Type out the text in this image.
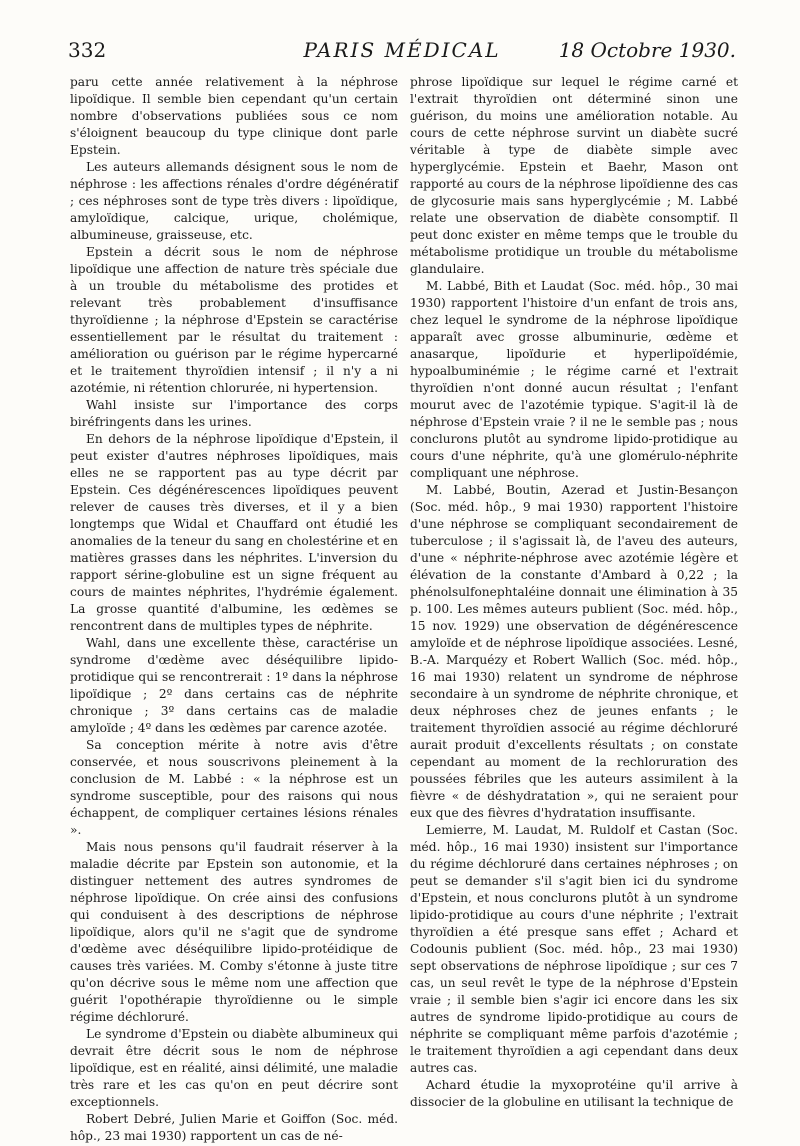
332	PARIS MÉDICAL	18 Octobre 1930.

paru cette année relativement à la néphrose lipoïdique. Il semble bien cependant qu'un certain nombre d'observations publiées sous ce nom s'éloignent beaucoup du type clinique dont parle Epstein.

Les auteurs allemands désignent sous le nom de néphrose : les affections rénales d'ordre dégénératif ; ces néphroses sont de type très divers : lipoïdique, amyloïdique, calcique, urique, cholémique, albumineuse, graisseuse, etc.

Epstein a décrit sous le nom de néphrose lipoïdique une affection de nature très spéciale due à un trouble du métabolisme des protides et relevant très probablement d'insuffisance thyroïdienne ; la néphrose d'Epstein se caractérise essentiellement par le résultat du traitement : amélioration ou guérison par le régime hypercarné et le traitement thyroïdien intensif ; il n'y a ni azotémie, ni rétention chlorurée, ni hypertension.

Wahl insiste sur l'importance des corps biréfringents dans les urines.

En dehors de la néphrose lipoïdique d'Epstein, il peut exister d'autres néphroses lipoïdiques, mais elles ne se rapportent pas au type décrit par Epstein. Ces dégénérescences lipoïdiques peuvent relever de causes très diverses, et il y a bien longtemps que Widal et Chauffard ont étudié les anomalies de la teneur du sang en cholestérine et en matières grasses dans les néphrites. L'inversion du rapport sérine-globuline est un signe fréquent au cours de maintes néphrites, l'hydrémie également. La grosse quantité d'albumine, les œdèmes se rencontrent dans de multiples types de néphrite.

Wahl, dans une excellente thèse, caractérise un syndrome d'œdème avec déséquilibre lipido-protidique qui se rencontrerait : 1º dans la néphrose lipoïdique ; 2º dans certains cas de néphrite chronique ; 3º dans certains cas de maladie amyloïde ; 4º dans les œdèmes par carence azotée.

Sa conception mérite à notre avis d'être conservée, et nous souscrivons pleinement à la conclusion de M. Labbé : « la néphrose est un syndrome susceptible, pour des raisons qui nous échappent, de compliquer certaines lésions rénales ».

Mais nous pensons qu'il faudrait réserver à la maladie décrite par Epstein son autonomie, et la distinguer nettement des autres syndromes de néphrose lipoïdique. On crée ainsi des confusions qui conduisent à des descriptions de néphrose lipoïdique, alors qu'il ne s'agit que de syndrome d'œdème avec déséquilibre lipido-protéidique de causes très variées. M. Comby s'étonne à juste titre qu'on décrive sous le même nom une affection que guérit l'opothérapie thyroïdienne ou le simple régime déchloruré.

Le syndrome d'Epstein ou diabète albumineux qui devrait être décrit sous le nom de néphrose lipoïdique, est en réalité, ainsi délimité, une maladie très rare et les cas qu'on en peut décrire sont exceptionnels.

Robert Debré, Julien Marie et Goiffon (Soc. méd. hôp., 23 mai 1930) rapportent un cas de né-

phrose lipoïdique sur lequel le régime carné et l'extrait thyroïdien ont déterminé sinon une guérison, du moins une amélioration notable. Au cours de cette néphrose survint un diabète sucré véritable à type de diabète simple avec hyperglycémie. Epstein et Baehr, Mason ont rapporté au cours de la néphrose lipoïdienne des cas de glycosurie mais sans hyperglycémie ; M. Labbé relate une observation de diabète consomptif. Il peut donc exister en même temps que le trouble du métabolisme protidique un trouble du métabolisme glandulaire.

M. Labbé, Bith et Laudat (Soc. méd. hôp., 30 mai 1930) rapportent l'histoire d'un enfant de trois ans, chez lequel le syndrome de la néphrose lipoïdique apparaît avec grosse albuminurie, œdème et anasarque, lipoïdurie et hyperlipoïdémie, hypoalbuminémie ; le régime carné et l'extrait thyroïdien n'ont donné aucun résultat ; l'enfant mourut avec de l'azotémie typique. S'agit-il là de néphrose d'Epstein vraie ? il ne le semble pas ; nous conclurons plutôt au syndrome lipido-protidique au cours d'une néphrite, qu'à une glomérulo-néphrite compliquant une néphrose.

M. Labbé, Boutin, Azerad et Justin-Besançon (Soc. méd. hôp., 9 mai 1930) rapportent l'histoire d'une néphrose se compliquant secondairement de tuberculose ; il s'agissait là, de l'aveu des auteurs, d'une « néphrite-néphrose avec azotémie légère et élévation de la constante d'Ambard à 0,22 ; la phénolsulfonephtaléine donnait une élimination à 35 p. 100. Les mêmes auteurs publient (Soc. méd. hôp., 15 nov. 1929) une observation de dégénérescence amyloïde et de néphrose lipoïdique associées. Lesné, B.-A. Marquézy et Robert Wallich (Soc. méd. hôp., 16 mai 1930) relatent un syndrome de néphrose secondaire à un syndrome de néphrite chronique, et deux néphroses chez de jeunes enfants ; le traitement thyroïdien associé au régime déchloruré aurait produit d'excellents résultats ; on constate cependant au moment de la rechloruration des poussées fébriles que les auteurs assimilent à la fièvre « de déshydratation », qui ne seraient pour eux que des fièvres d'hydratation insuffisante.

Lemierre, M. Laudat, M. Ruldolf et Castan (Soc. méd. hôp., 16 mai 1930) insistent sur l'importance du régime déchloruré dans certaines néphroses ; on peut se demander s'il s'agit bien ici du syndrome d'Epstein, et nous conclurons plutôt à un syndrome lipido-protidique au cours d'une néphrite ; l'extrait thyroïdien a été presque sans effet ; Achard et Codounis publient (Soc. méd. hôp., 23 mai 1930) sept observations de néphrose lipoïdique ; sur ces 7 cas, un seul revêt le type de la néphrose d'Epstein vraie ; il semble bien s'agir ici encore dans les six autres de syndrome lipido-protidique au cours de néphrite se compliquant même parfois d'azotémie ; le traitement thyroïdien a agi cependant dans deux autres cas.

Achard étudie la myxoprotéine qu'il arrive à dissocier de la globuline en utilisant la technique de
